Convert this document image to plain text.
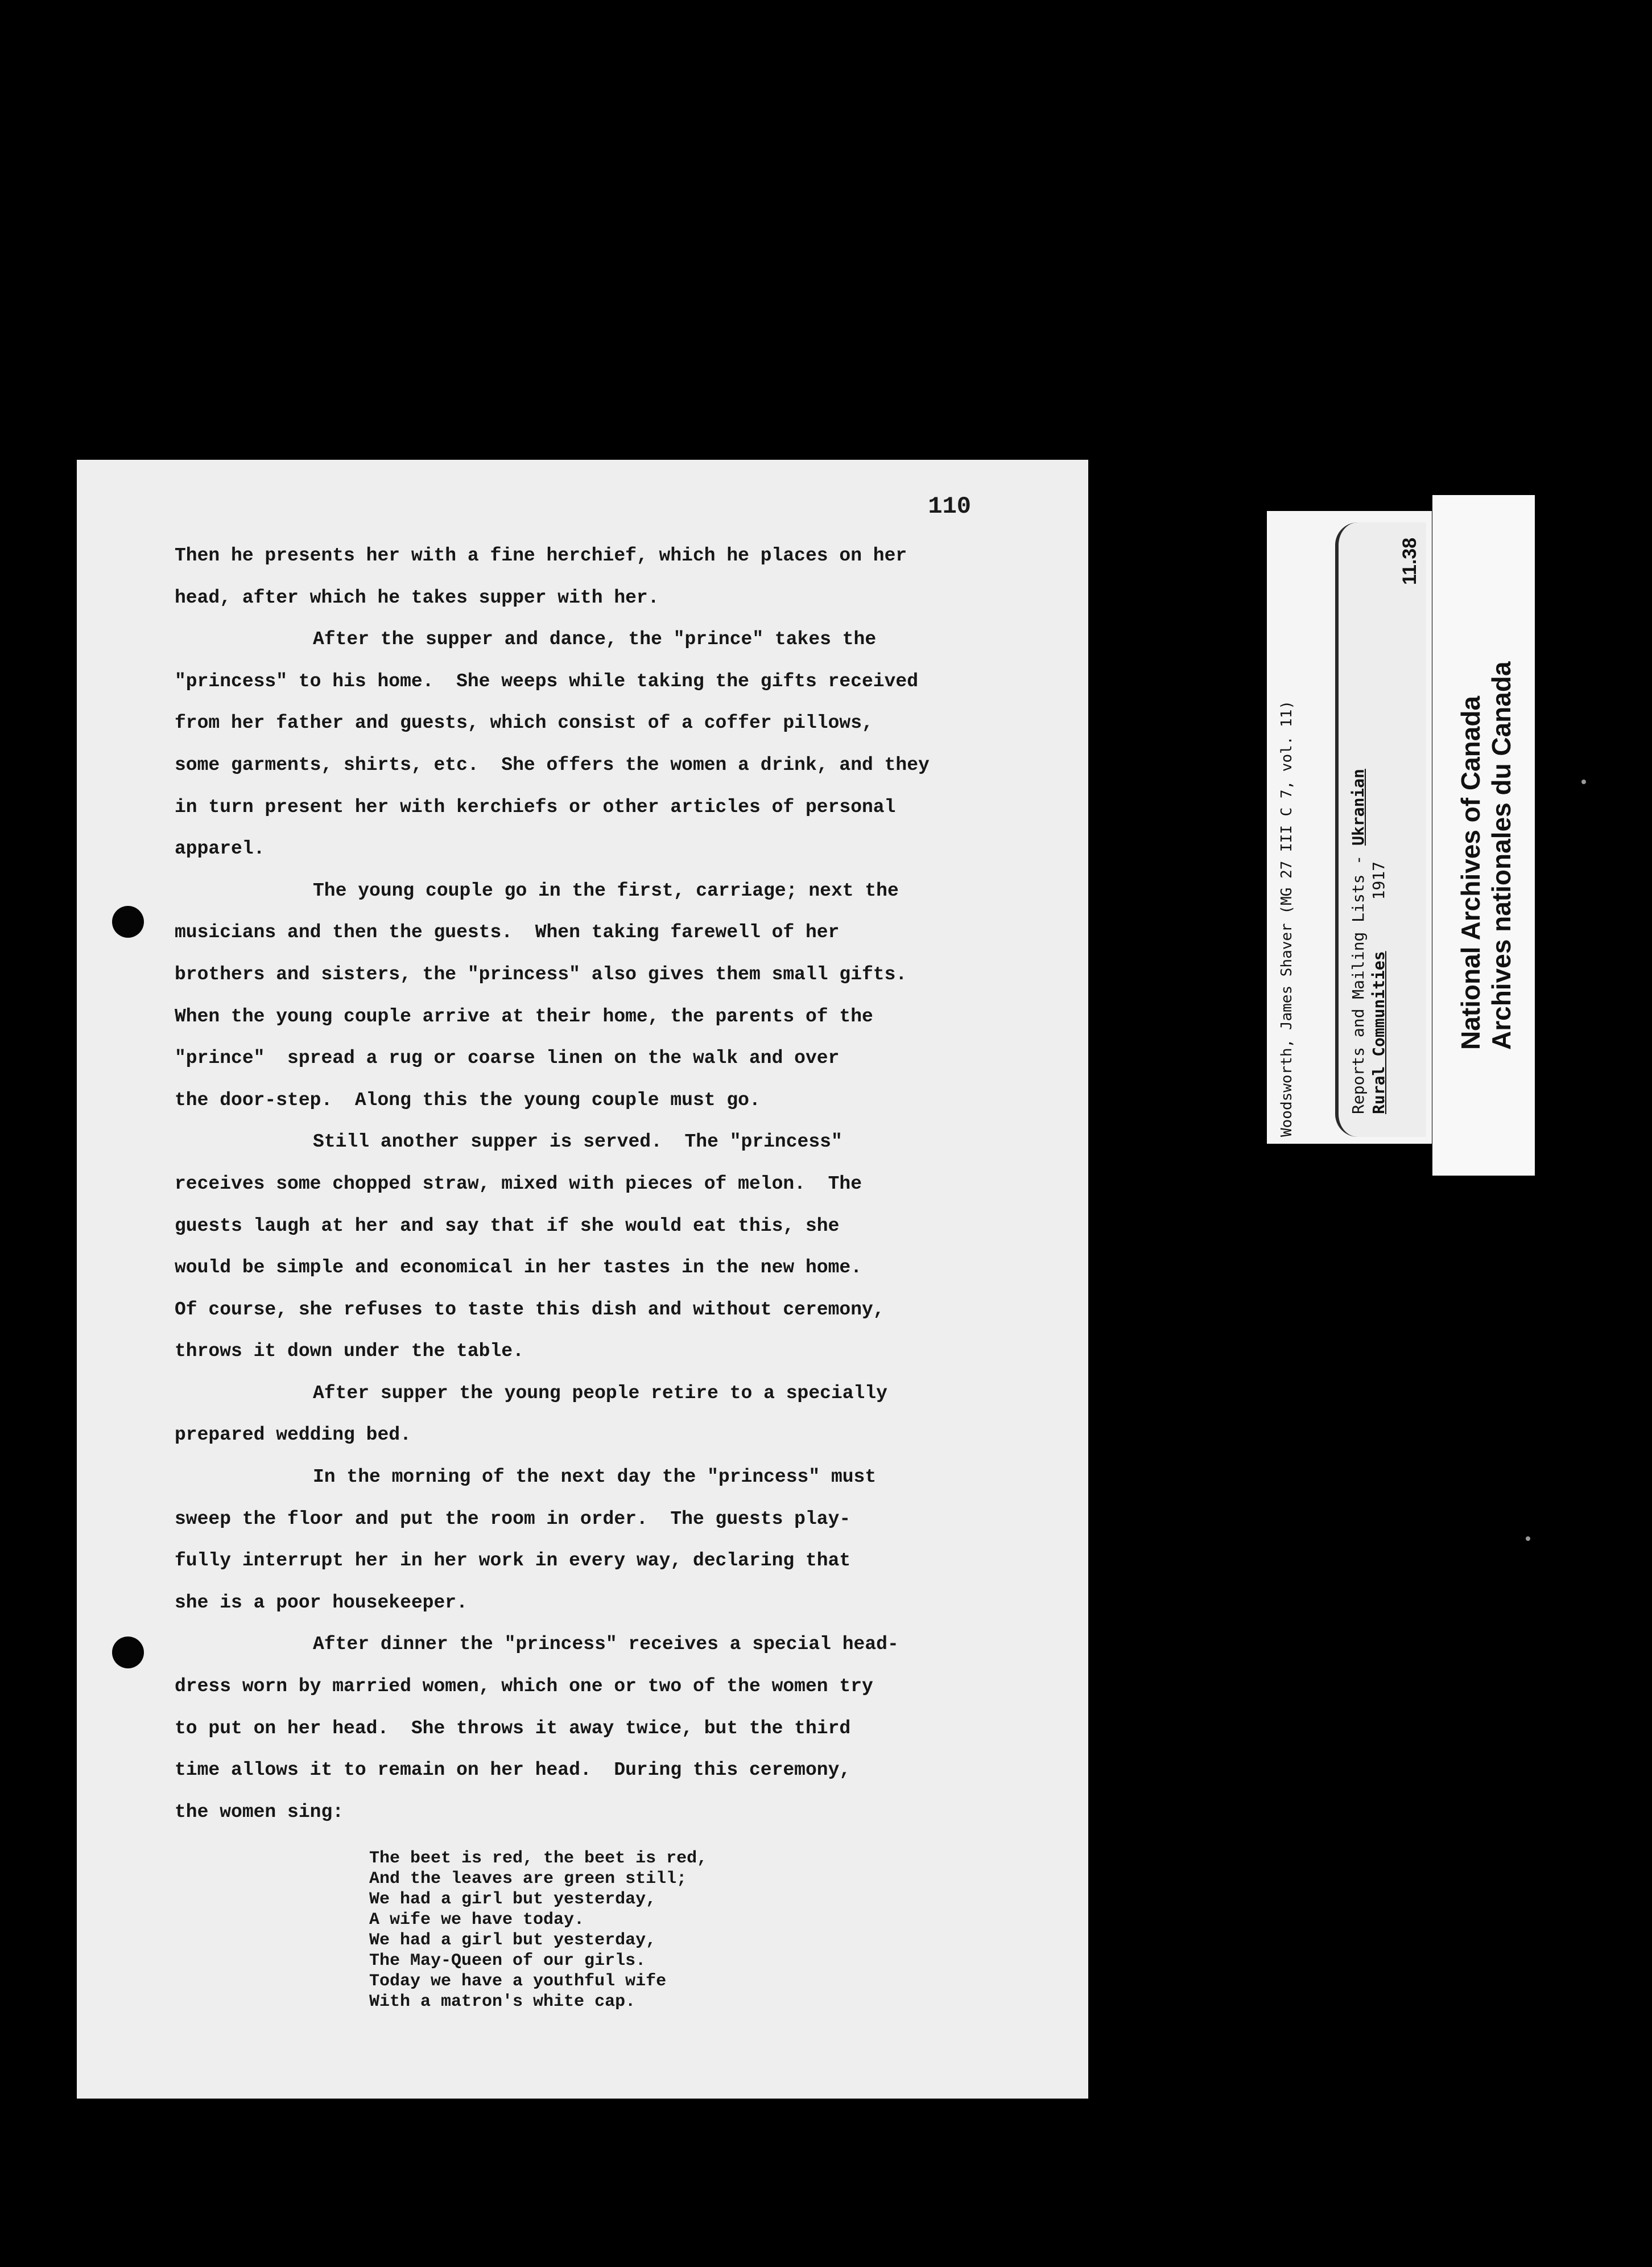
110

Then he presents her with a fine herchief, which he places on her
head, after which he takes supper with her.

After the supper and dance, the "prince" takes the
"princess" to his home.  She weeps while taking the gifts received
from her father and guests, which consist of a coffer pillows,
some garments, shirts, etc.  She offers the women a drink, and they
in turn present her with kerchiefs or other articles of personal
apparel.

The young couple go in the first, carriage; next the
musicians and then the guests.  When taking farewell of her
brothers and sisters, the "princess" also gives them small gifts.
When the young couple arrive at their home, the parents of the
"prince"  spread a rug or coarse linen on the walk and over
the door-step.  Along this the young couple must go.

Still another supper is served.  The "princess"
receives some chopped straw, mixed with pieces of melon.  The
guests laugh at her and say that if she would eat this, she
would be simple and economical in her tastes in the new home.
Of course, she refuses to taste this dish and without ceremony,
throws it down under the table.

After supper the young people retire to a specially
prepared wedding bed.

In the morning of the next day the "princess" must
sweep the floor and put the room in order.  The guests play-
fully interrupt her in her work in every way, declaring that
she is a poor housekeeper.

After dinner the "princess" receives a special head-
dress worn by married women, which one or two of the women try
to put on her head.  She throws it away twice, but the third
time allows it to remain on her head.  During this ceremony,
the women sing:

The beet is red, the beet is red,
And the leaves are green still;
We had a girl but yesterday,
A wife we have today.
We had a girl but yesterday,
The May-Queen of our girls.
Today we have a youthful wife
With a matron's white cap.
Woodsworth, James Shaver (MG 27 III C 7, vol. 11)	Reports and Mailing Lists - Ukranian
Rural Communities1917
11.38
National Archives of Canada Archives nationales du Canada
